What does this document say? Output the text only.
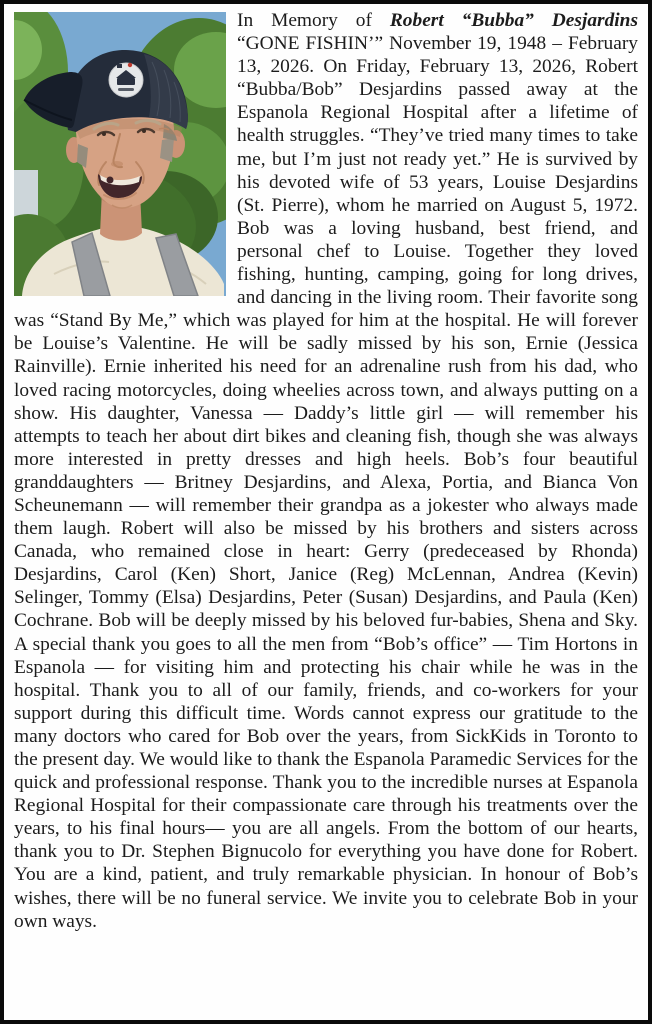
In Memory of Robert “Bubba” Desjardins “GONE FISHIN’” November 19, 1948 – February 13, 2026. On Friday, February 13, 2026, Robert “Bubba/Bob” Desjardins passed away at the Espanola Regional Hospital after a lifetime of health struggles. “They’ve tried many times to take me, but I’m just not ready yet.” He is survived by his devoted wife of 53 years, Louise Desjardins (St. Pierre), whom he married on August 5, 1972. Bob was a loving husband, best friend, and personal chef to Louise. Together they loved fishing, hunting, camping, going for long drives, and dancing in the living room. Their favorite song was “Stand By Me,” which was played for him at the hospital. He will forever be Louise’s Valentine. He will be sadly missed by his son, Ernie (Jessica Rainville). Ernie inherited his need for an adrenaline rush from his dad, who loved racing motorcycles, doing wheelies across town, and always putting on a show. His daughter, Vanessa — Daddy’s little girl — will remember his attempts to teach her about dirt bikes and cleaning fish, though she was always more interested in pretty dresses and high heels. Bob’s four beautiful granddaughters — Britney Desjardins, and Alexa, Portia, and Bianca Von Scheunemann — will remember their grandpa as a jokester who always made them laugh. Robert will also be missed by his brothers and sisters across Canada, who remained close in heart: Gerry (predeceased by Rhonda) Desjardins, Carol (Ken) Short, Janice (Reg) McLennan, Andrea (Kevin) Selinger, Tommy (Elsa) Desjardins, Peter (Susan) Desjardins, and Paula (Ken) Cochrane. Bob will be deeply missed by his beloved fur-babies, Shena and Sky. A special thank you goes to all the men from “Bob’s office” — Tim Hortons in Espanola — for visiting him and protecting his chair while he was in the hospital. Thank you to all of our family, friends, and co-workers for your support during this difficult time. Words cannot express our gratitude to the many doctors who cared for Bob over the years, from SickKids in Toronto to the present day. We would like to thank the Espanola Paramedic Services for the quick and professional response. Thank you to the incredible nurses at Espanola Regional Hospital for their compassionate care through his treatments over the years, to his final hours— you are all angels. From the bottom of our hearts, thank you to Dr. Stephen Bignucolo for everything you have done for Robert. You are a kind, patient, and truly remarkable physician. In honour of Bob’s wishes, there will be no funeral service. We invite you to celebrate Bob in your own ways.
